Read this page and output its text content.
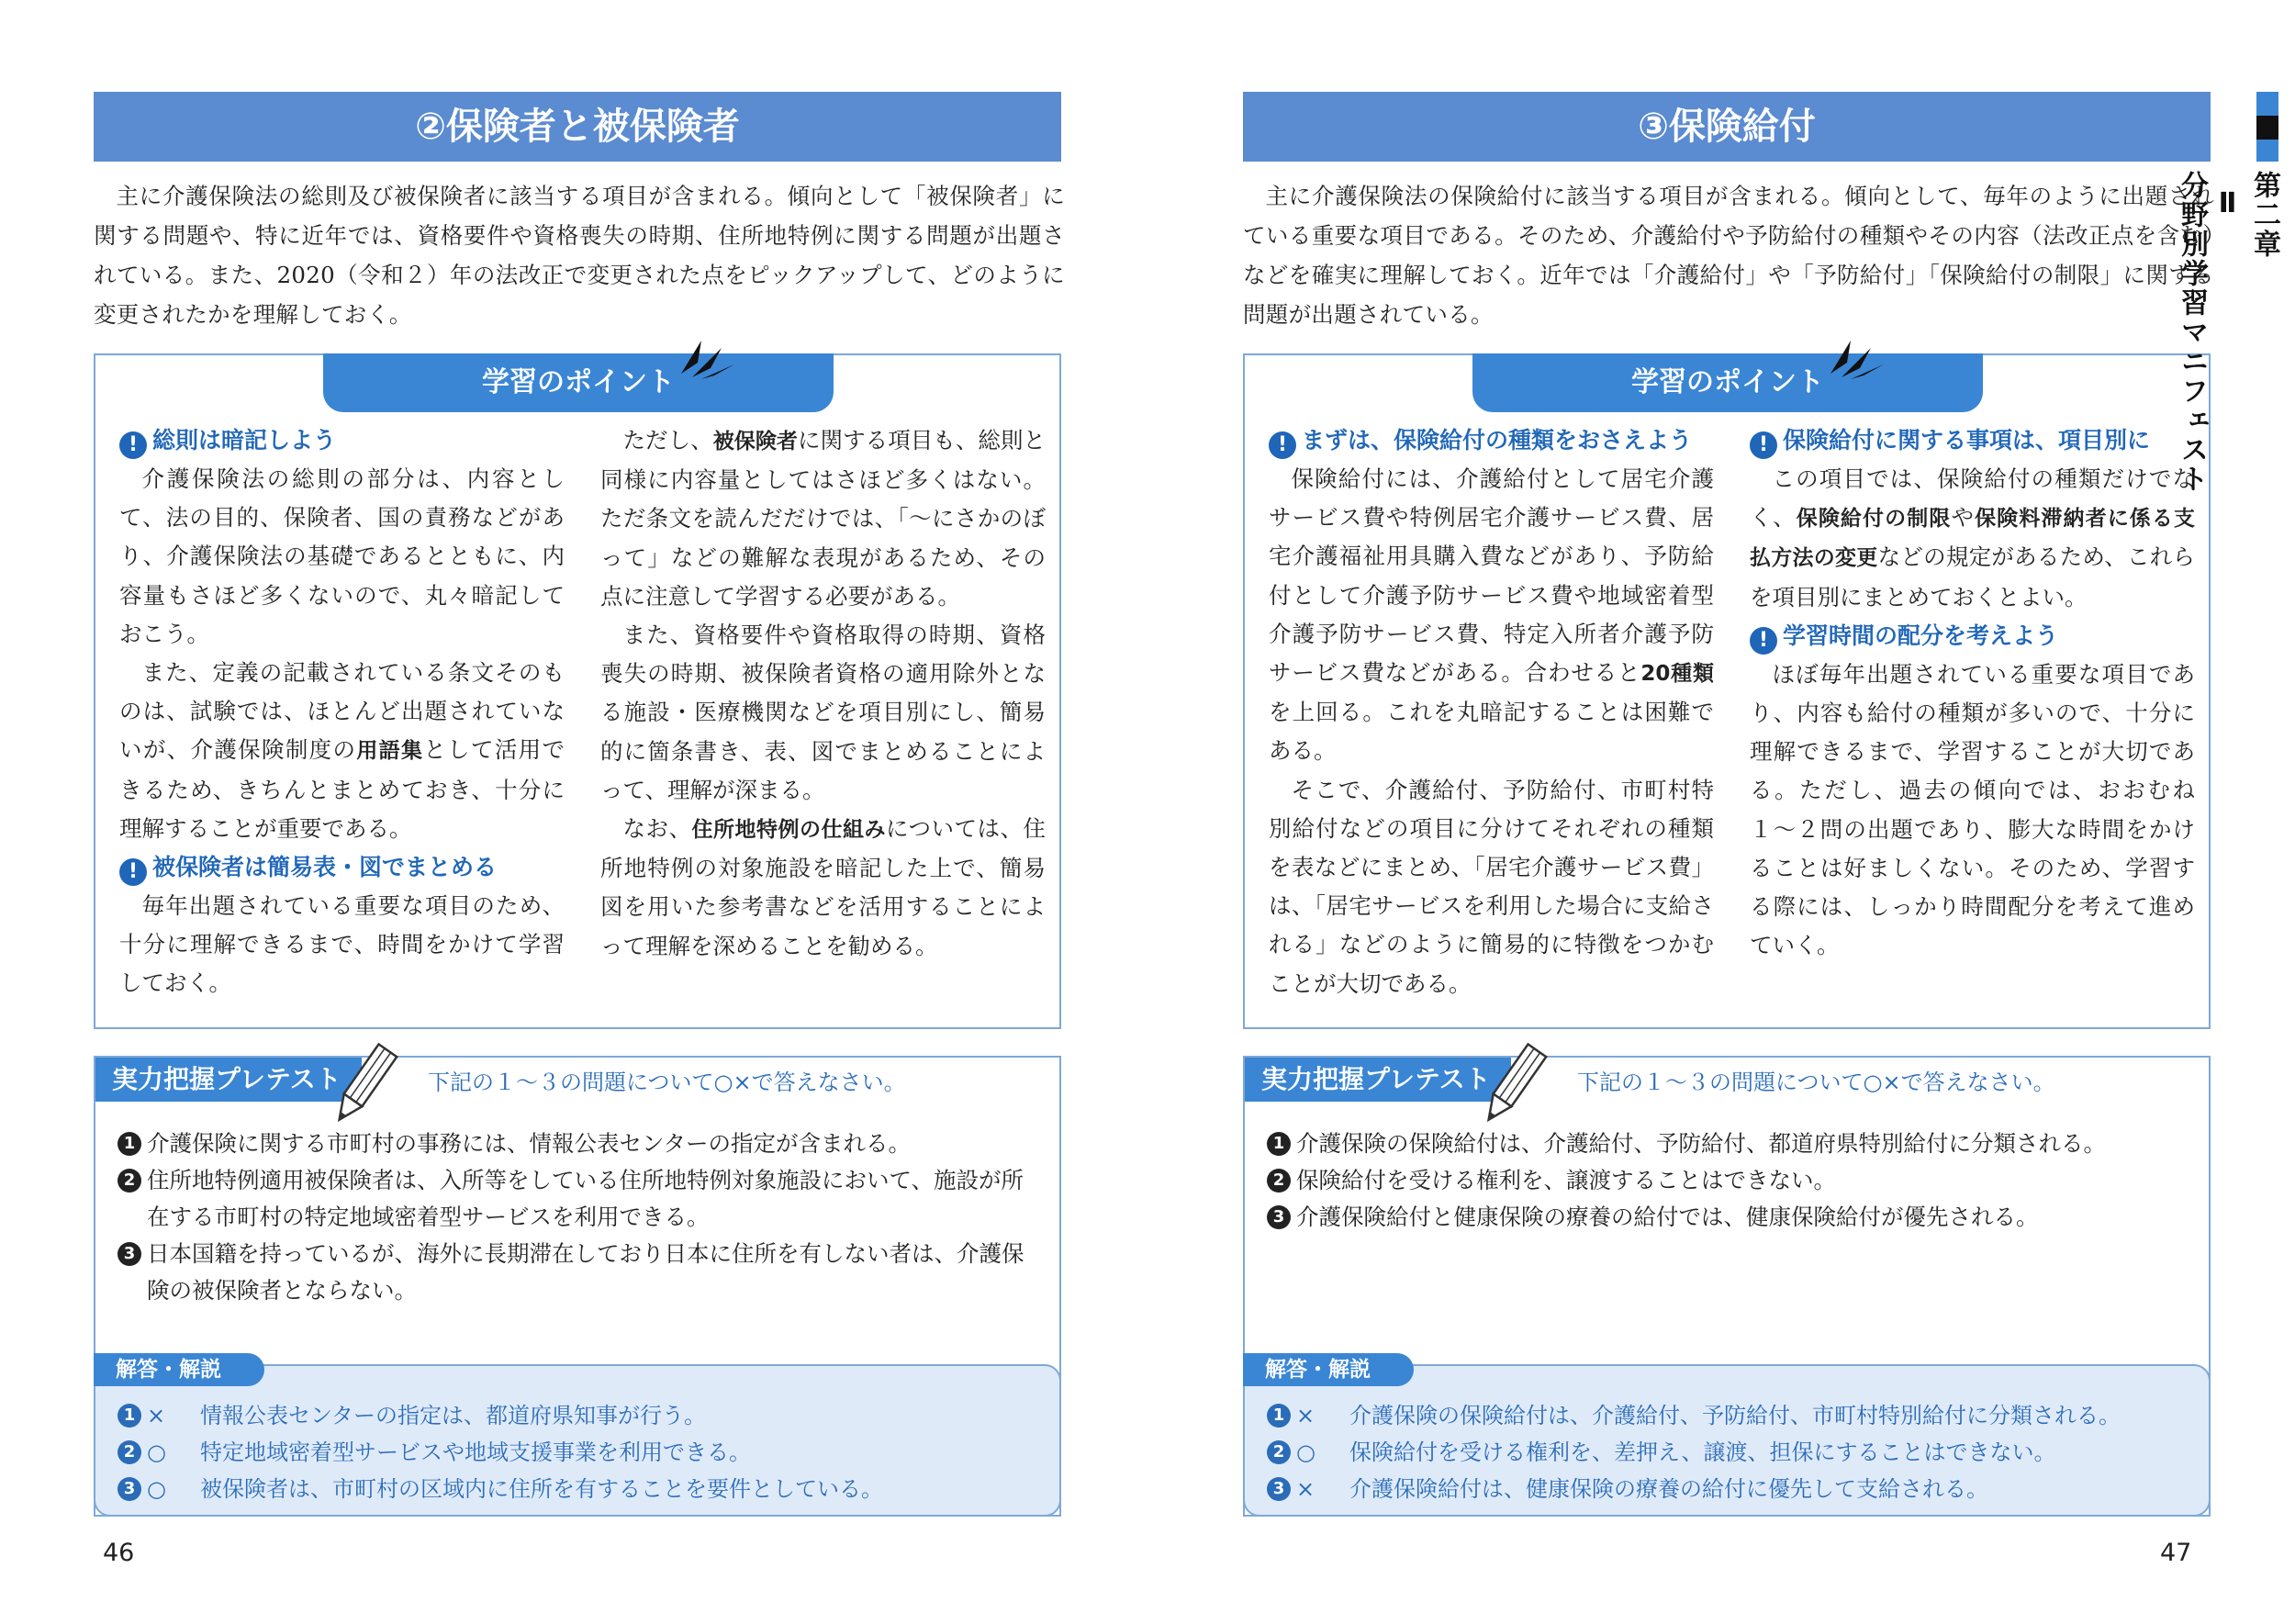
②保険者と被保険者
主に介護保険法の総則及び被保険者に該当する項目が含まれる。傾向として「被保険者」に関する問題や、特に近年では、資格要件や資格喪失の時期、住所地特例に関する問題が出題されている。また、2020（令和２）年の法改正で変更された点をピックアップして、どのように変更されたかを理解しておく。
学習のポイント
! 総則は暗記しよう

介護保険法の総則の部分は、内容として、法の目的、保険者、国の責務などがあり、介護保険法の基礎であるとともに、内容量もさほど多くないので、丸々暗記しておこう。

また、定義の記載されている条文そのものは、試験では、ほとんど出題されていないが、介護保険制度の用語集として活用できるため、きちんとまとめておき、十分に理解することが重要である。

! 被保険者は簡易表・図でまとめる

毎年出題されている重要な項目のため、十分に理解できるまで、時間をかけて学習しておく。

ただし、被保険者に関する項目も、総則と同様に内容量としてはさほど多くはない。ただ条文を読んだだけでは、「〜にさかのぼって」などの難解な表現があるため、その点に注意して学習する必要がある。

また、資格要件や資格取得の時期、資格喪失の時期、被保険者資格の適用除外となる施設・医療機関などを項目別にし、簡易的に箇条書き、表、図でまとめることによって、理解が深まる。

なお、住所地特例の仕組みについては、住所地特例の対象施設を暗記した上で、簡易図を用いた参考書などを活用することによって理解を深めることを勧める。

実力把握プレテスト	下記の１〜３の問題について○×で答えなさい。
1 介護保険に関する市町村の事務には、情報公表センターの指定が含まれる。
2 住所地特例適用被保険者は、入所等をしている住所地特例対象施設において、施設が所在する市町村の特定地域密着型サービスを利用できる。
3 日本国籍を持っているが、海外に長期滞在しており日本に住所を有しない者は、介護保険の被保険者とならない。
解答・解説
1 ×	情報公表センターの指定は、都道府県知事が行う。
2 ○	特定地域密着型サービスや地域支援事業を利用できる。
3 ○	被保険者は、市町村の区域内に住所を有することを要件としている。
46
③保険給付
主に介護保険法の保険給付に該当する項目が含まれる。傾向として、毎年のように出題されている重要な項目である。そのため、介護給付や予防給付の種類やその内容（法改正点を含む）などを確実に理解しておく。近年では「介護給付」や「予防給付」「保険給付の制限」に関する問題が出題されている。
学習のポイント
! まずは、保険給付の種類をおさえよう

保険給付には、介護給付として居宅介護サービス費や特例居宅介護サービス費、居宅介護福祉用具購入費などがあり、予防給付として介護予防サービス費や地域密着型介護予防サービス費、特定入所者介護予防サービス費などがある。合わせると20種類を上回る。これを丸暗記することは困難である。

そこで、介護給付、予防給付、市町村特別給付などの項目に分けてそれぞれの種類を表などにまとめ、「居宅介護サービス費」は、「居宅サービスを利用した場合に支給される」などのように簡易的に特徴をつかむことが大切である。

! 保険給付に関する事項は、項目別に

この項目では、保険給付の種類だけでなく、保険給付の制限や保険料滞納者に係る支払方法の変更などの規定があるため、これらを項目別にまとめておくとよい。

! 学習時間の配分を考えよう

ほぼ毎年出題されている重要な項目であり、内容も給付の種類が多いので、十分に理解できるまで、学習することが大切である。ただし、過去の傾向では、おおむね１〜２問の出題であり、膨大な時間をかけることは好ましくない。そのため、学習する際には、しっかり時間配分を考えて進めていく。

実力把握プレテスト	下記の１〜３の問題について○×で答えなさい。
1 介護保険の保険給付は、介護給付、予防給付、都道府県特別給付に分類される。
2 保険給付を受ける権利を、譲渡することはできない。
3 介護保険給付と健康保険の療養の給付では、健康保険給付が優先される。
解答・解説
1 ×	介護保険の保険給付は、介護給付、予防給付、市町村特別給付に分類される。
2 ○	保険給付を受ける権利を、差押え、譲渡、担保にすることはできない。
3 ×	介護保険給付は、健康保険の療養の給付に優先して支給される。
47
第二章
Ⅱ
分野別学習マニフェスト
